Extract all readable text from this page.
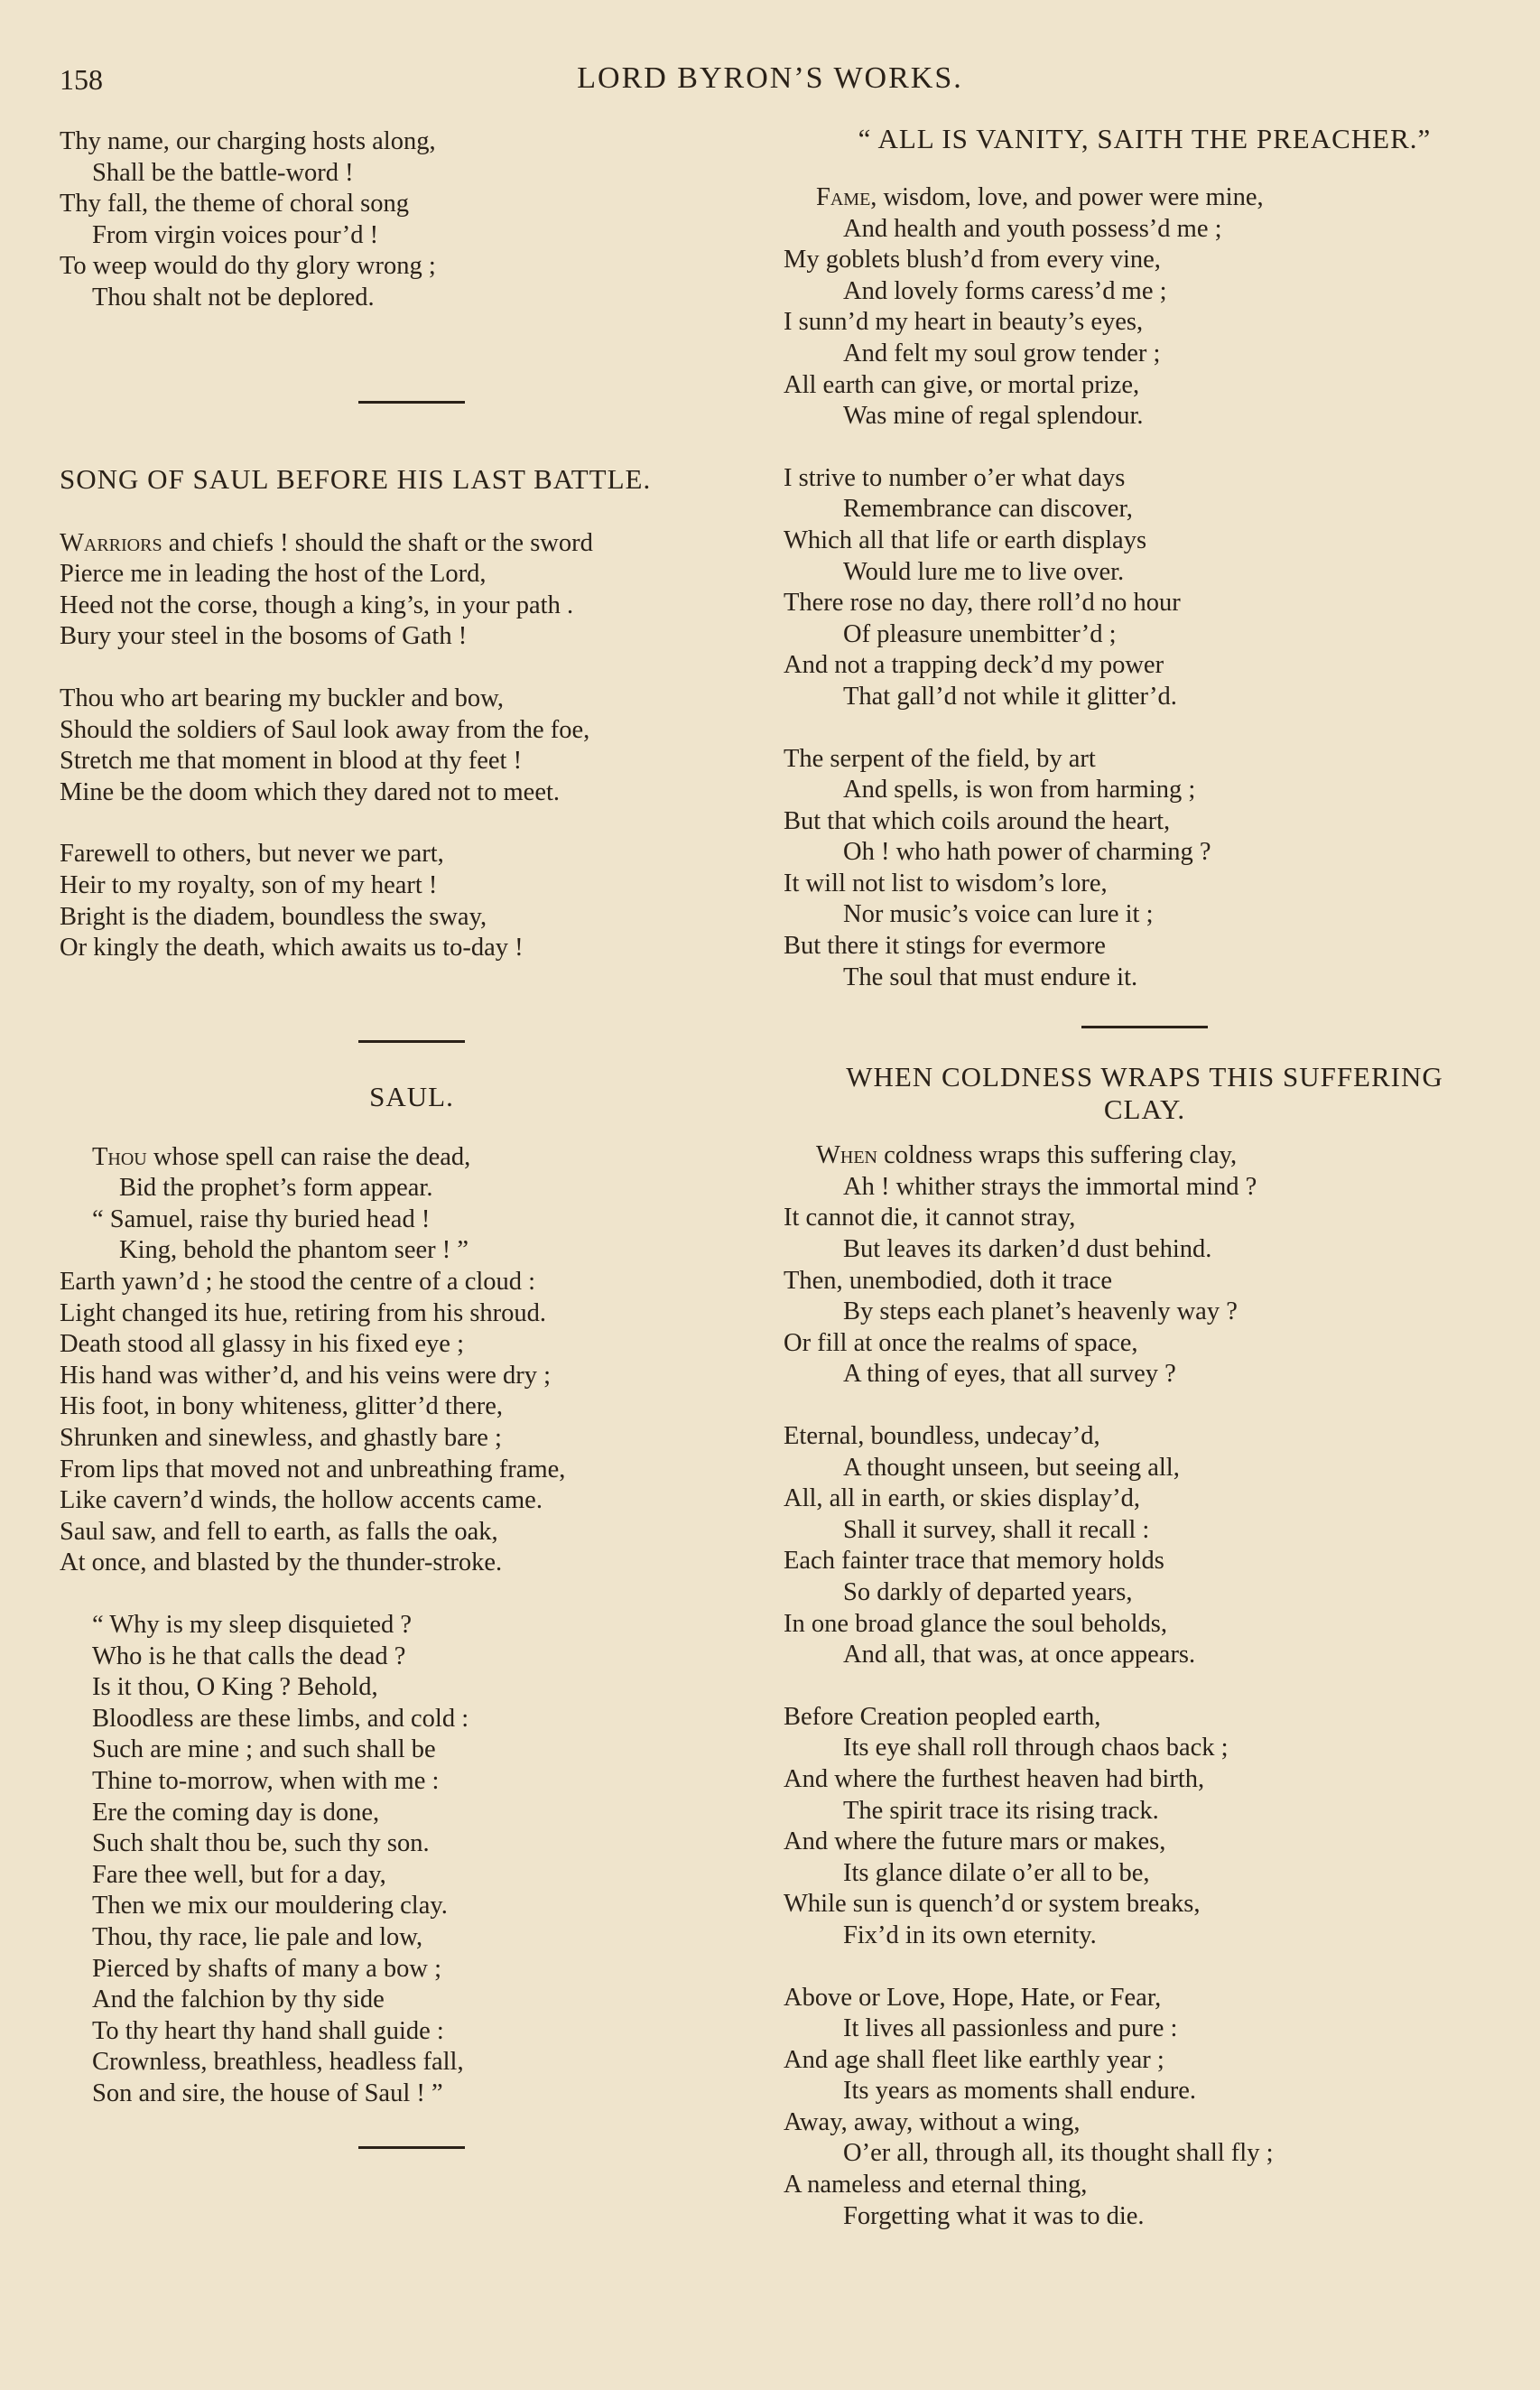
158	LORD BYRON’S WORKS.
Thy name, our charging hosts along,
Shall be the battle-word !
Thy fall, the theme of choral song
From virgin voices pour’d !
To weep would do thy glory wrong ;
Thou shalt not be deplored.
SONG OF SAUL BEFORE HIS LAST BATTLE.
Warriors and chiefs ! should the shaft or the sword
Pierce me in leading the host of the Lord,
Heed not the corse, though a king’s, in your path .
Bury your steel in the bosoms of Gath !
Thou who art bearing my buckler and bow,
Should the soldiers of Saul look away from the foe,
Stretch me that moment in blood at thy feet !
Mine be the doom which they dared not to meet.
Farewell to others, but never we part,
Heir to my royalty, son of my heart !
Bright is the diadem, boundless the sway,
Or kingly the death, which awaits us to-day !
SAUL.
Thou whose spell can raise the dead,
Bid the prophet’s form appear.
“ Samuel, raise thy buried head !
King, behold the phantom seer ! ”
Earth yawn’d ; he stood the centre of a cloud :
Light changed its hue, retiring from his shroud.
Death stood all glassy in his fixed eye ;
His hand was wither’d, and his veins were dry ;
His foot, in bony whiteness, glitter’d there,
Shrunken and sinewless, and ghastly bare ;
From lips that moved not and unbreathing frame,
Like cavern’d winds, the hollow accents came.
Saul saw, and fell to earth, as falls the oak,
At once, and blasted by the thunder-stroke.
“ Why is my sleep disquieted ?
Who is he that calls the dead ?
Is it thou, O King ? Behold,
Bloodless are these limbs, and cold :
Such are mine ; and such shall be
Thine to-morrow, when with me :
Ere the coming day is done,
Such shalt thou be, such thy son.
Fare thee well, but for a day,
Then we mix our mouldering clay.
Thou, thy race, lie pale and low,
Pierced by shafts of many a bow ;
And the falchion by thy side
To thy heart thy hand shall guide :
Crownless, breathless, headless fall,
Son and sire, the house of Saul ! ”
“ ALL IS VANITY, SAITH THE PREACHER.”
Fame, wisdom, love, and power were mine,
And health and youth possess’d me ;
My goblets blush’d from every vine,
And lovely forms caress’d me ;
I sunn’d my heart in beauty’s eyes,
And felt my soul grow tender ;
All earth can give, or mortal prize,
Was mine of regal splendour.
I strive to number o’er what days
Remembrance can discover,
Which all that life or earth displays
Would lure me to live over.
There rose no day, there roll’d no hour
Of pleasure unembitter’d ;
And not a trapping deck’d my power
That gall’d not while it glitter’d.
The serpent of the field, by art
And spells, is won from harming ;
But that which coils around the heart,
Oh ! who hath power of charming ?
It will not list to wisdom’s lore,
Nor music’s voice can lure it ;
But there it stings for evermore
The soul that must endure it.
WHEN COLDNESS WRAPS THIS SUFFERING
CLAY.
When coldness wraps this suffering clay,
Ah ! whither strays the immortal mind ?
It cannot die, it cannot stray,
But leaves its darken’d dust behind.
Then, unembodied, doth it trace
By steps each planet’s heavenly way ?
Or fill at once the realms of space,
A thing of eyes, that all survey ?
Eternal, boundless, undecay’d,
A thought unseen, but seeing all,
All, all in earth, or skies display’d,
Shall it survey, shall it recall :
Each fainter trace that memory holds
So darkly of departed years,
In one broad glance the soul beholds,
And all, that was, at once appears.
Before Creation peopled earth,
Its eye shall roll through chaos back ;
And where the furthest heaven had birth,
The spirit trace its rising track.
And where the future mars or makes,
Its glance dilate o’er all to be,
While sun is quench’d or system breaks,
Fix’d in its own eternity.
Above or Love, Hope, Hate, or Fear,
It lives all passionless and pure :
And age shall fleet like earthly year ;
Its years as moments shall endure.
Away, away, without a wing,
O’er all, through all, its thought shall fly ;
A nameless and eternal thing,
Forgetting what it was to die.
